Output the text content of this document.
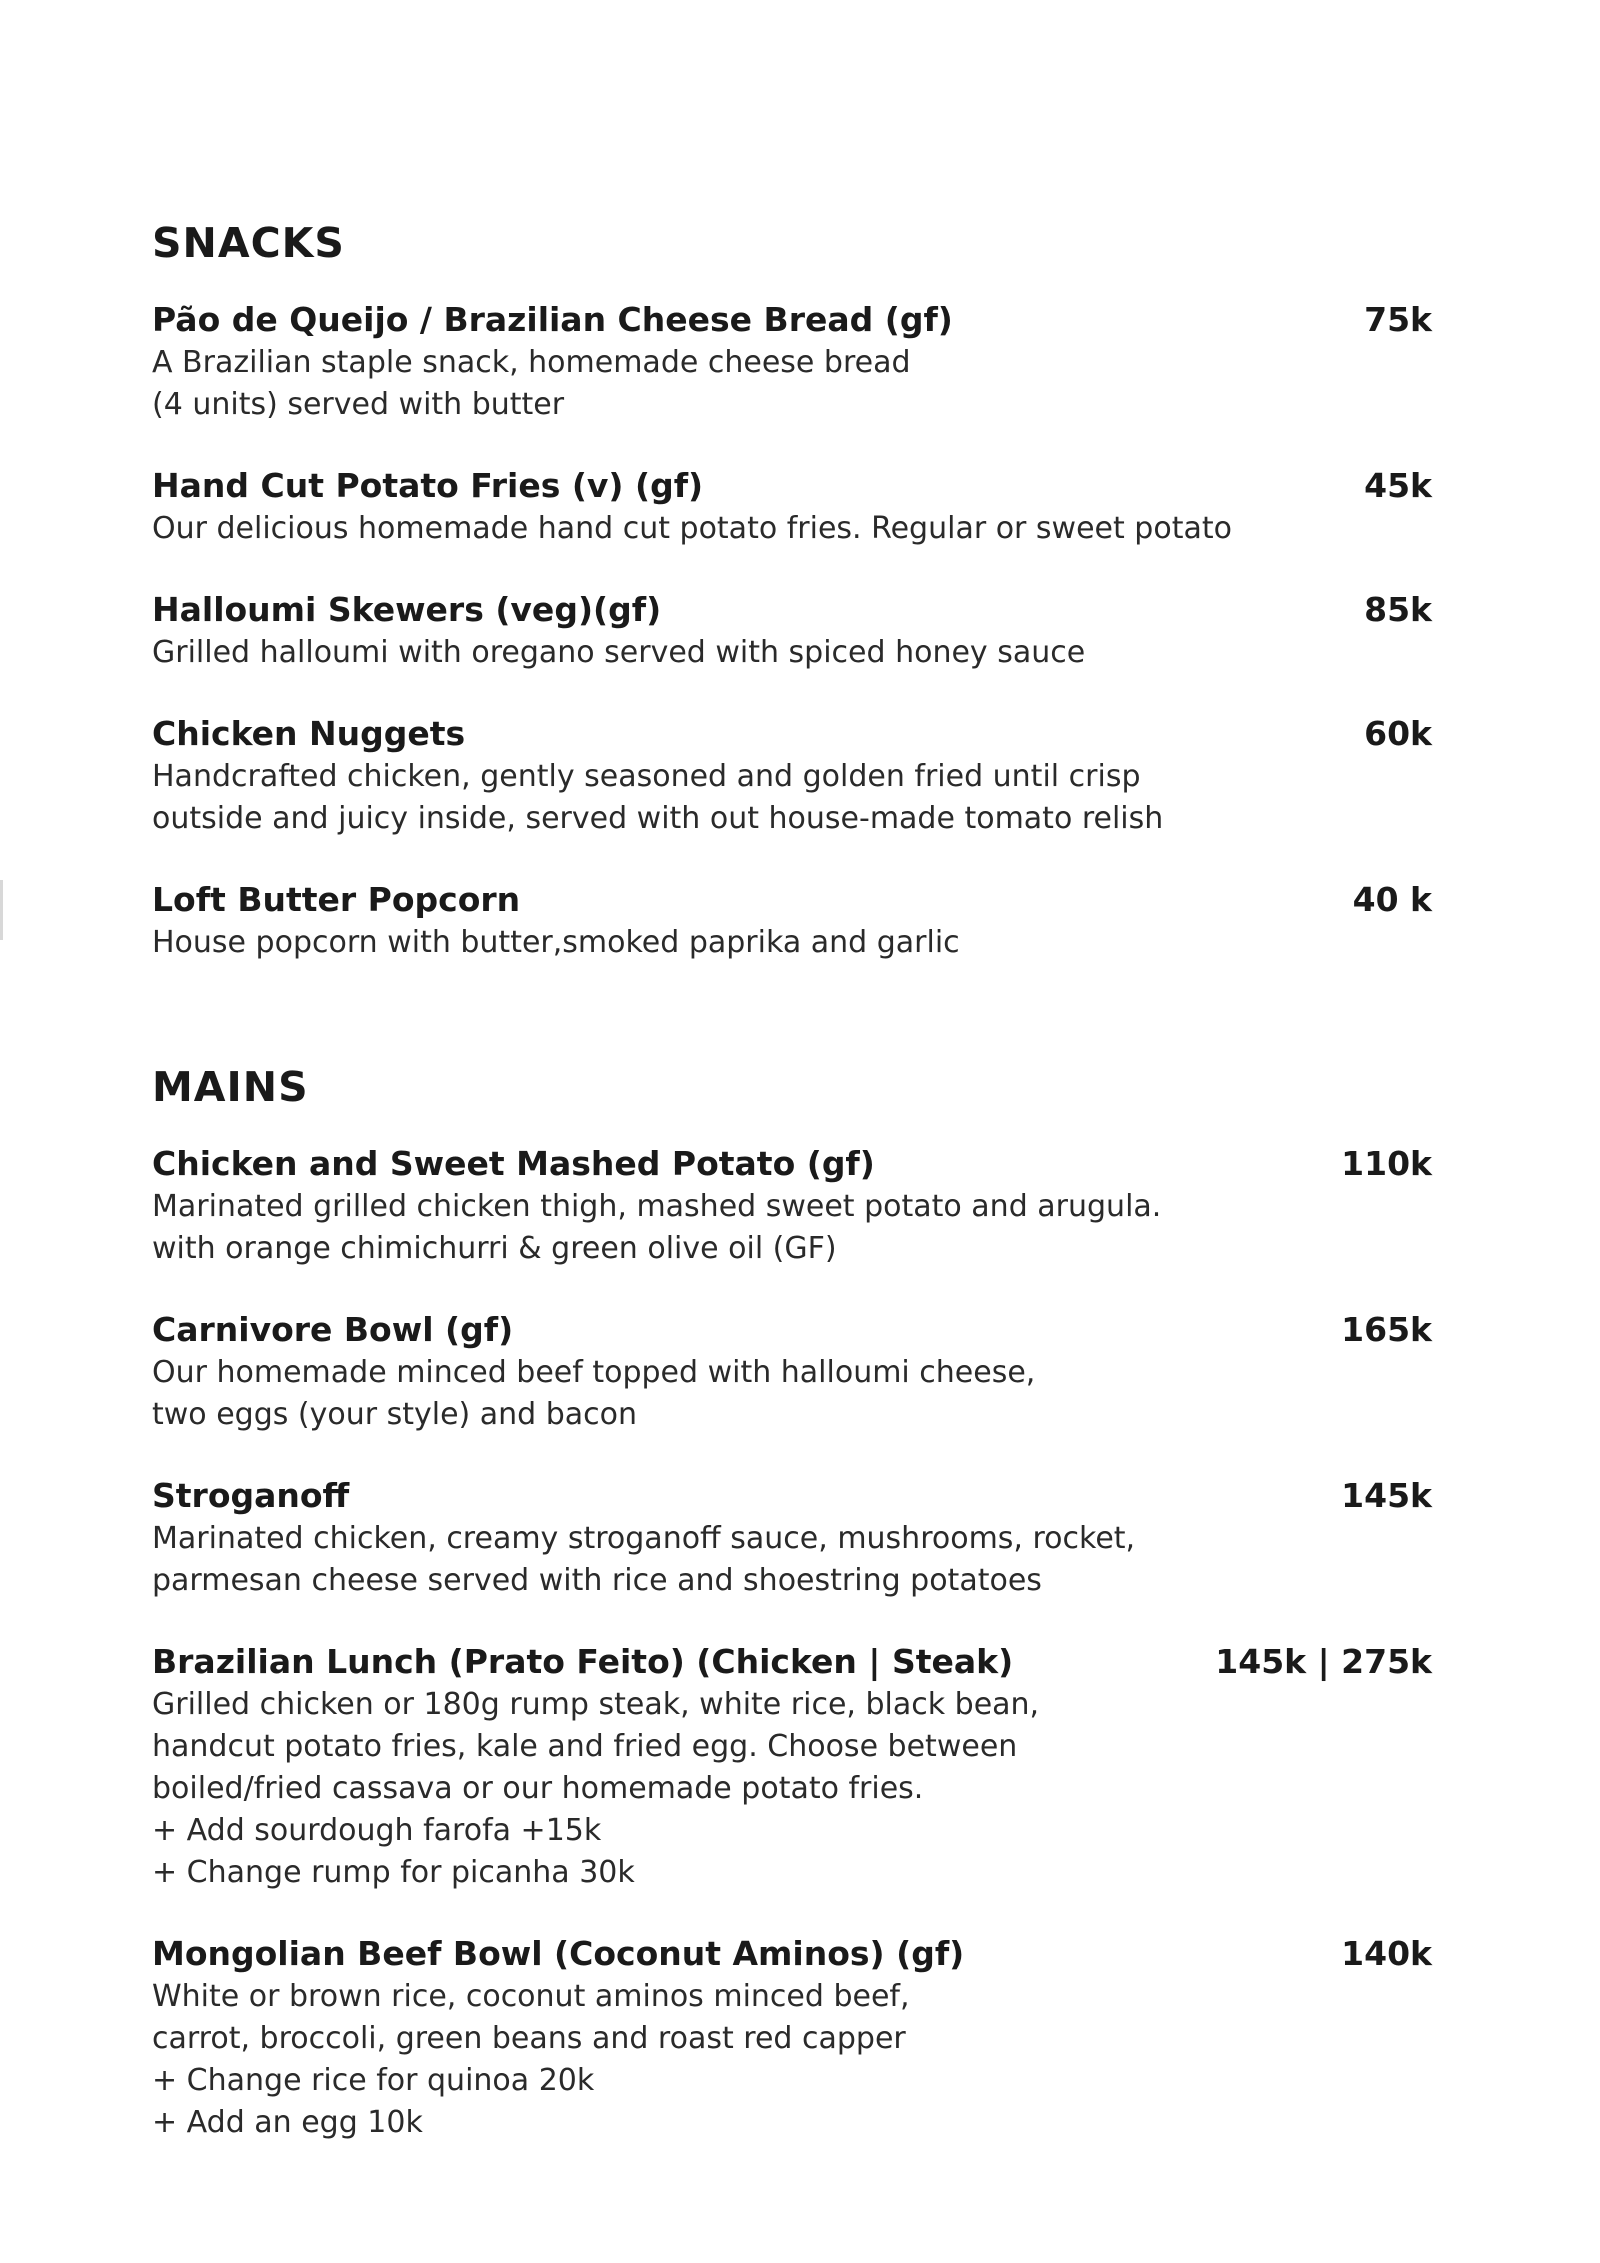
SNACKS
Pão de Queijo / Brazilian Cheese Bread (gf)	75k
A Brazilian staple snack, homemade cheese bread
(4 units) served with butter
Hand Cut Potato Fries (v) (gf)	45k
Our delicious homemade hand cut potato fries. Regular or sweet potato
Halloumi Skewers (veg)(gf)	85k
Grilled halloumi with oregano served with spiced honey sauce
Chicken Nuggets	60k
Handcrafted chicken, gently seasoned and golden fried until crisp
outside and juicy inside, served with out house-made tomato relish
Loft Butter Popcorn	40 k
House popcorn with butter,smoked paprika and garlic
MAINS
Chicken and Sweet Mashed Potato (gf)	110k
Marinated grilled chicken thigh, mashed sweet potato and arugula.
with orange chimichurri & green olive oil (GF)
Carnivore Bowl (gf)	165k
Our homemade minced beef topped with halloumi cheese,
two eggs (your style) and bacon
Stroganoff	145k
Marinated chicken, creamy stroganoff sauce, mushrooms, rocket,
parmesan cheese served with rice and shoestring potatoes
Brazilian Lunch (Prato Feito) (Chicken | Steak)	145k | 275k
Grilled chicken or 180g rump steak, white rice, black bean,
handcut potato fries, kale and fried egg. Choose between
boiled/fried cassava or our homemade potato fries.
+ Add sourdough farofa +15k
+ Change rump for picanha 30k
Mongolian Beef Bowl (Coconut Aminos) (gf)	140k
White or brown rice, coconut aminos minced beef,
carrot, broccoli, green beans and roast red capper
+ Change rice for quinoa 20k
+ Add an egg 10k
